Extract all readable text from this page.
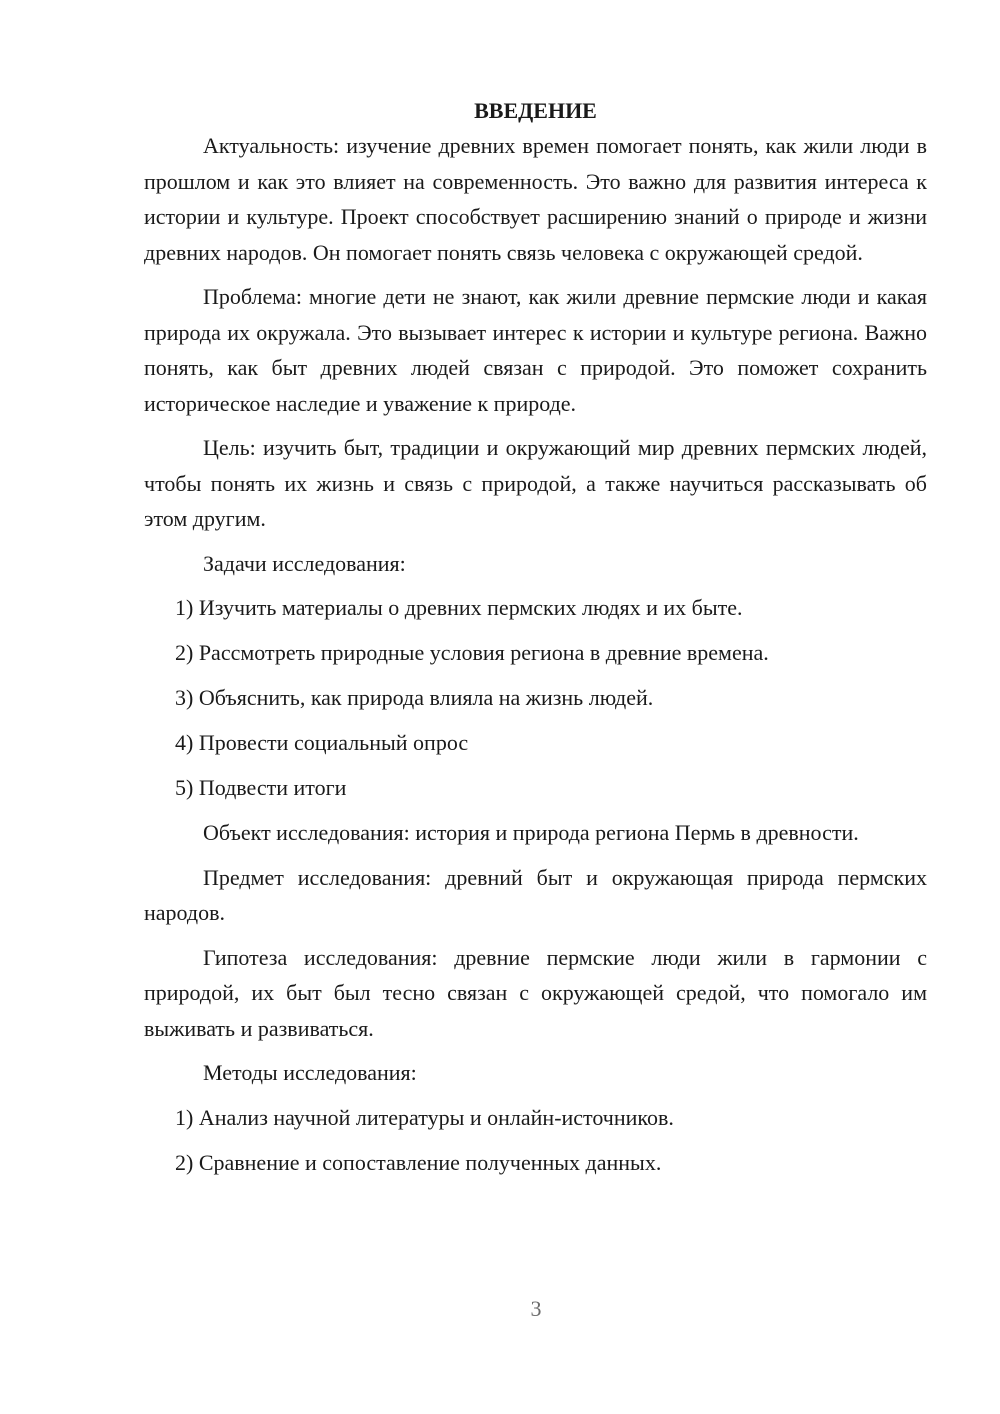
ВВЕДЕНИЕ

Актуальность: изучение древних времен помогает понять, как жили люди в прошлом и как это влияет на современность. Это важно для развития интереса к истории и культуре. Проект способствует расширению знаний о природе и жизни древних народов. Он помогает понять связь человека с окружающей средой.

Проблема: многие дети не знают, как жили древние пермские люди и какая природа их окружала. Это вызывает интерес к истории и культуре региона. Важно понять, как быт древних людей связан с природой. Это поможет сохранить историческое наследие и уважение к природе.

Цель: изучить быт, традиции и окружающий мир древних пермских людей, чтобы понять их жизнь и связь с природой, а также научиться рассказывать об этом другим.

Задачи исследования:

1) Изучить материалы о древних пермских людях и их быте.
2) Рассмотреть природные условия региона в древние времена.
3) Объяснить, как природа влияла на жизнь людей.
4) Провести социальный опрос
5) Подвести итоги

Объект исследования: история и природа региона Пермь в древности.

Предмет исследования: древний быт и окружающая природа пермских народов.

Гипотеза исследования: древние пермские люди жили в гармонии с природой, их быт был тесно связан с окружающей средой, что помогало им выживать и развиваться.

Методы исследования:

1) Анализ научной литературы и онлайн-источников.
2) Сравнение и сопоставление полученных данных.
3
